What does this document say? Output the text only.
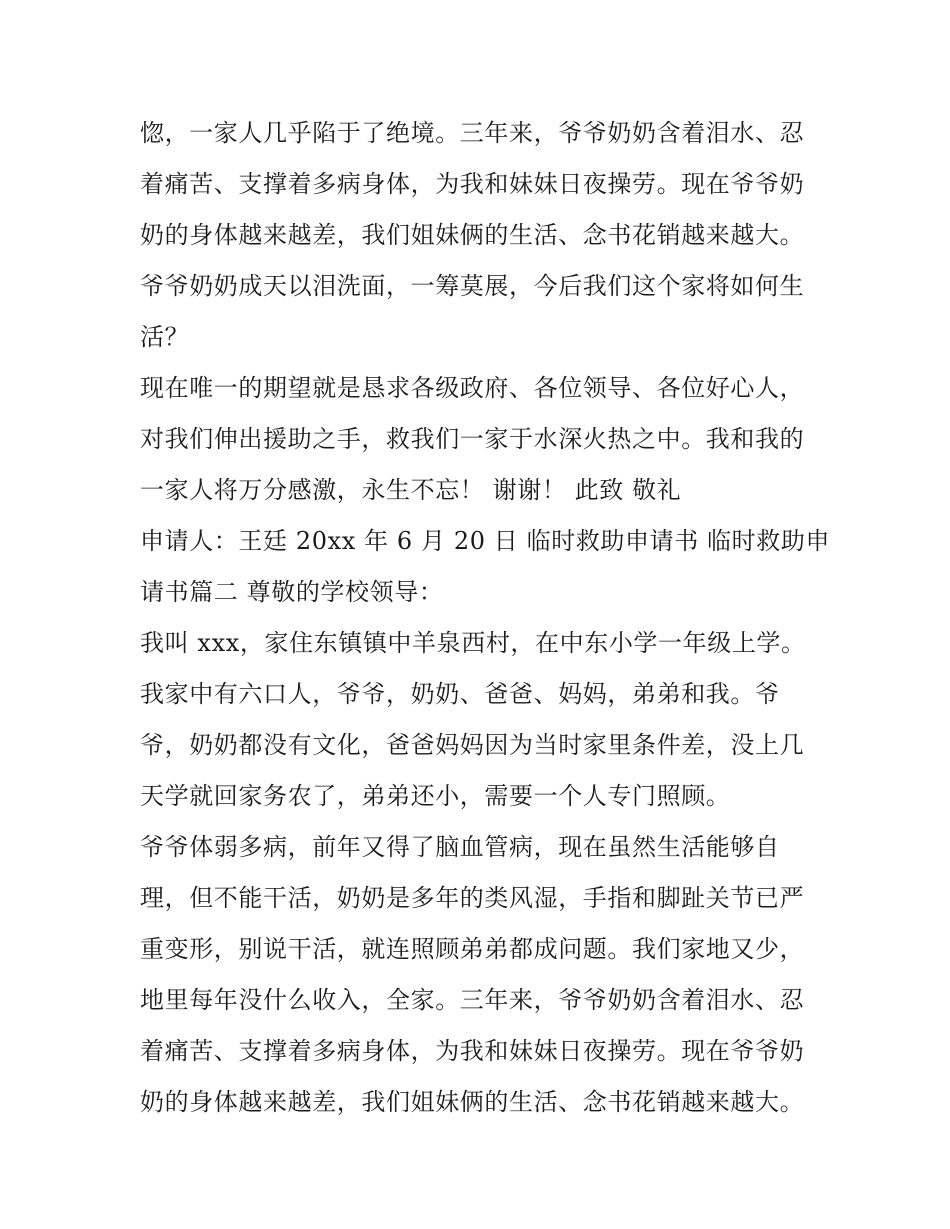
惚，一家人几乎陷于了绝境。三年来，爷爷奶奶含着泪水、忍
着痛苦、支撑着多病身体，为我和妹妹日夜操劳。现在爷爷奶
奶的身体越来越差，我们姐妹俩的生活、念书花销越来越大。
爷爷奶奶成天以泪洗面，一筹莫展，今后我们这个家将如何生
活？
现在唯一的期望就是恳求各级政府、各位领导、各位好心人，
对我们伸出援助之手，救我们一家于水深火热之中。我和我的
一家人将万分感激，永生不忘！ 谢谢！ 此致 敬礼
申请人：王廷 20xx 年 6 月 20 日 临时救助申请书 临时救助申
请书篇二 尊敬的学校领导：
我叫 xxx，家住东镇镇中羊泉西村，在中东小学一年级上学。
我家中有六口人，爷爷，奶奶、爸爸、妈妈，弟弟和我。爷
爷，奶奶都没有文化，爸爸妈妈因为当时家里条件差，没上几
天学就回家务农了，弟弟还小，需要一个人专门照顾。
爷爷体弱多病，前年又得了脑血管病，现在虽然生活能够自
理，但不能干活，奶奶是多年的类风湿，手指和脚趾关节已严
重变形，别说干活，就连照顾弟弟都成问题。我们家地又少，
地里每年没什么收入，全家。三年来，爷爷奶奶含着泪水、忍
着痛苦、支撑着多病身体，为我和妹妹日夜操劳。现在爷爷奶
奶的身体越来越差，我们姐妹俩的生活、念书花销越来越大。
